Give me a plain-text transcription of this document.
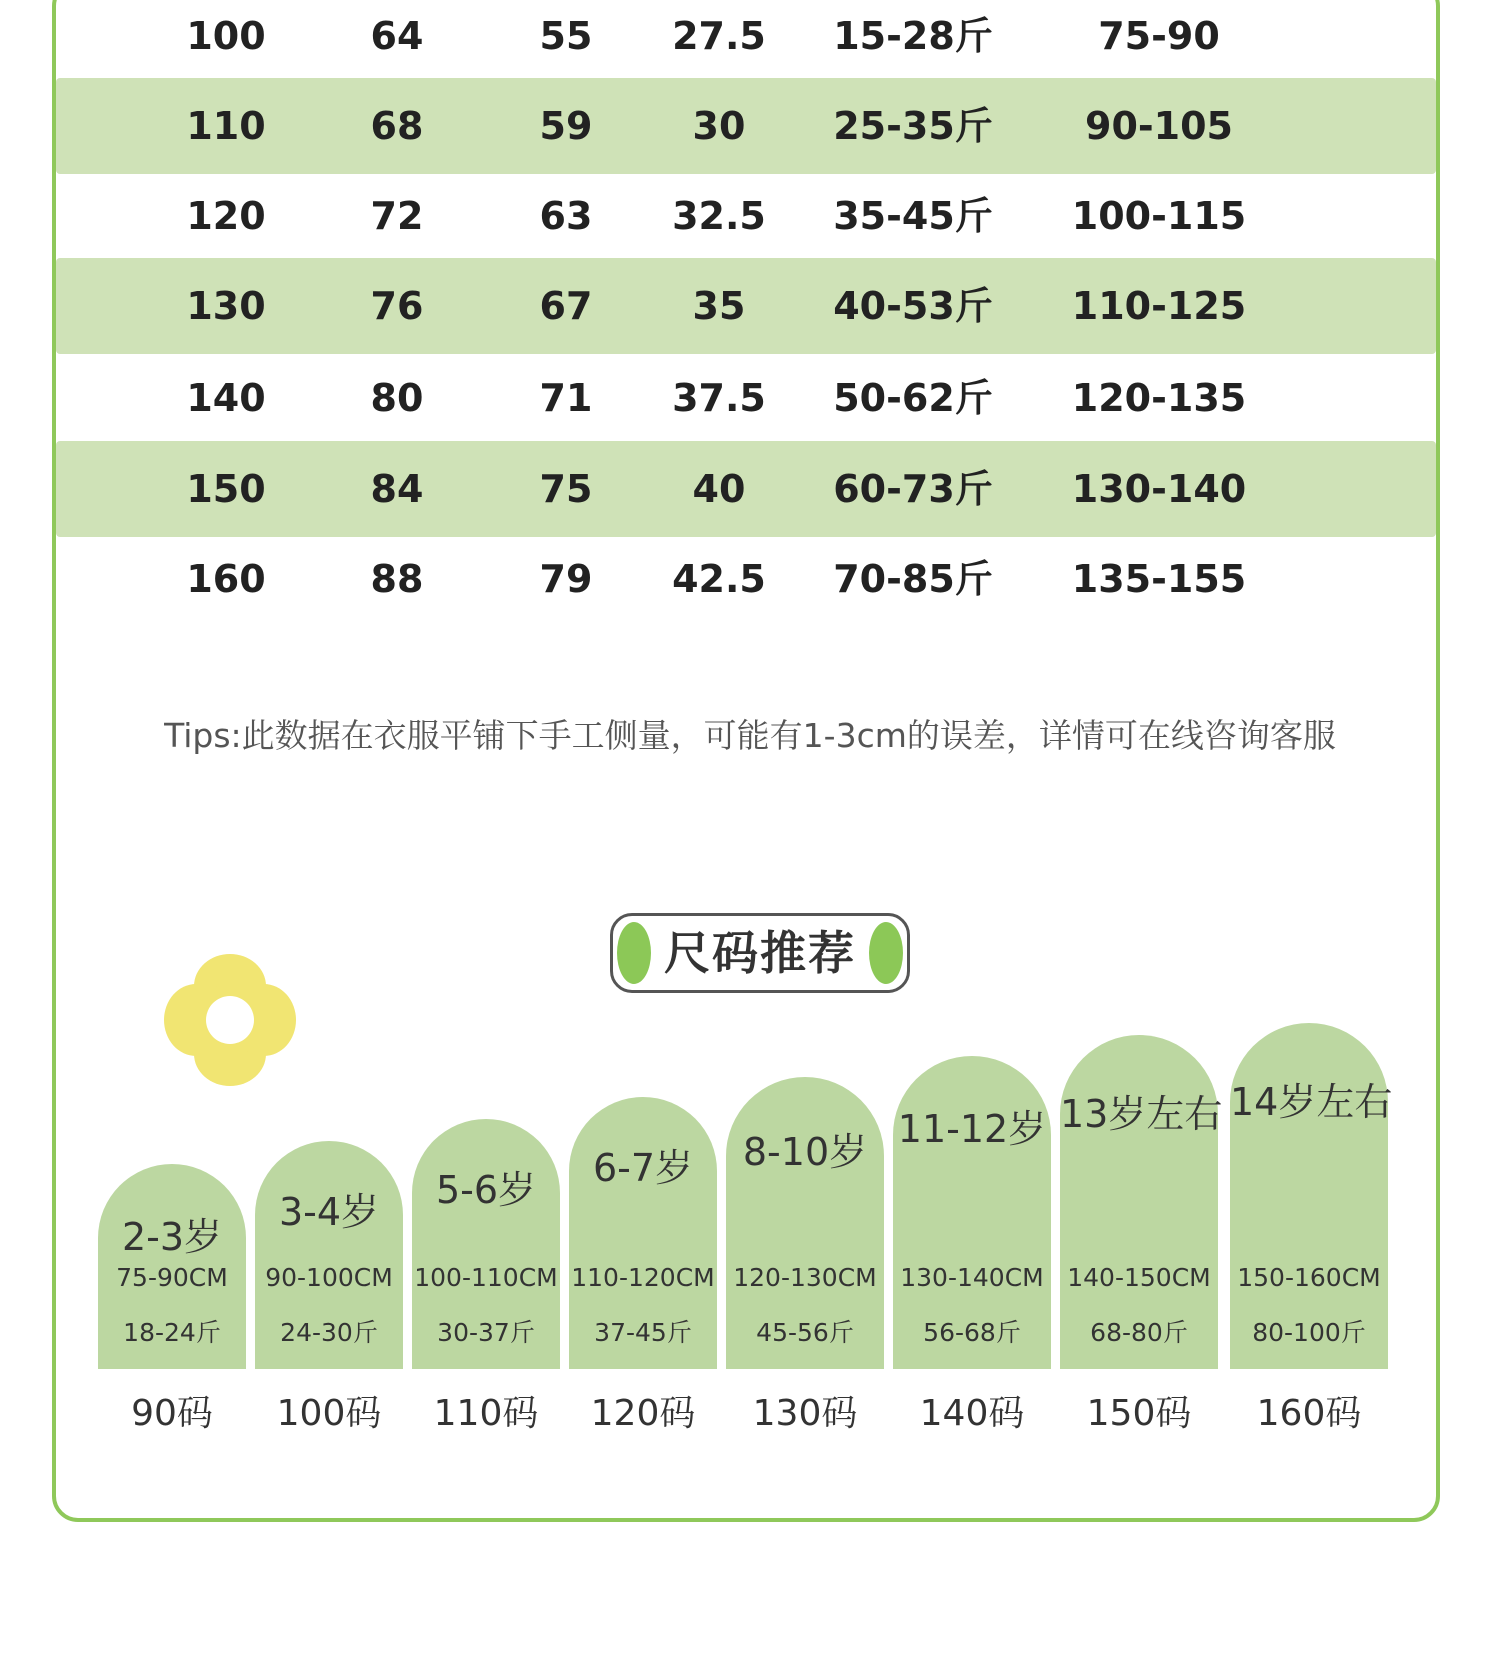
100	64	55 27.5 15-28斤	75-90
110	68	59	30 25-35斤 90-105
120	72	63 32.5 35-45斤 100-115
130	76	67	35 40-53斤 110-125
140	80	71 37.5 50-62斤 120-135
150	84	75	40 60-73斤 130-140
160	88	79 42.5 70-85斤 135-155
Tips:此数据在衣服平铺下手工侧量，可能有1-3cm的误差，详情可在线咨询客服
尺码推荐
2-3岁
75-90CM
18-24斤
90码
3-4岁
90-100CM
24-30斤
100码
5-6岁
100-110CM
30-37斤
110码
6-7岁
110-120CM
37-45斤
120码
8-10岁
120-130CM
45-56斤
130码
11-12岁
130-140CM
56-68斤
140码
13岁左右
140-150CM
68-80斤
150码
14岁左右
150-160CM
80-100斤
160码
